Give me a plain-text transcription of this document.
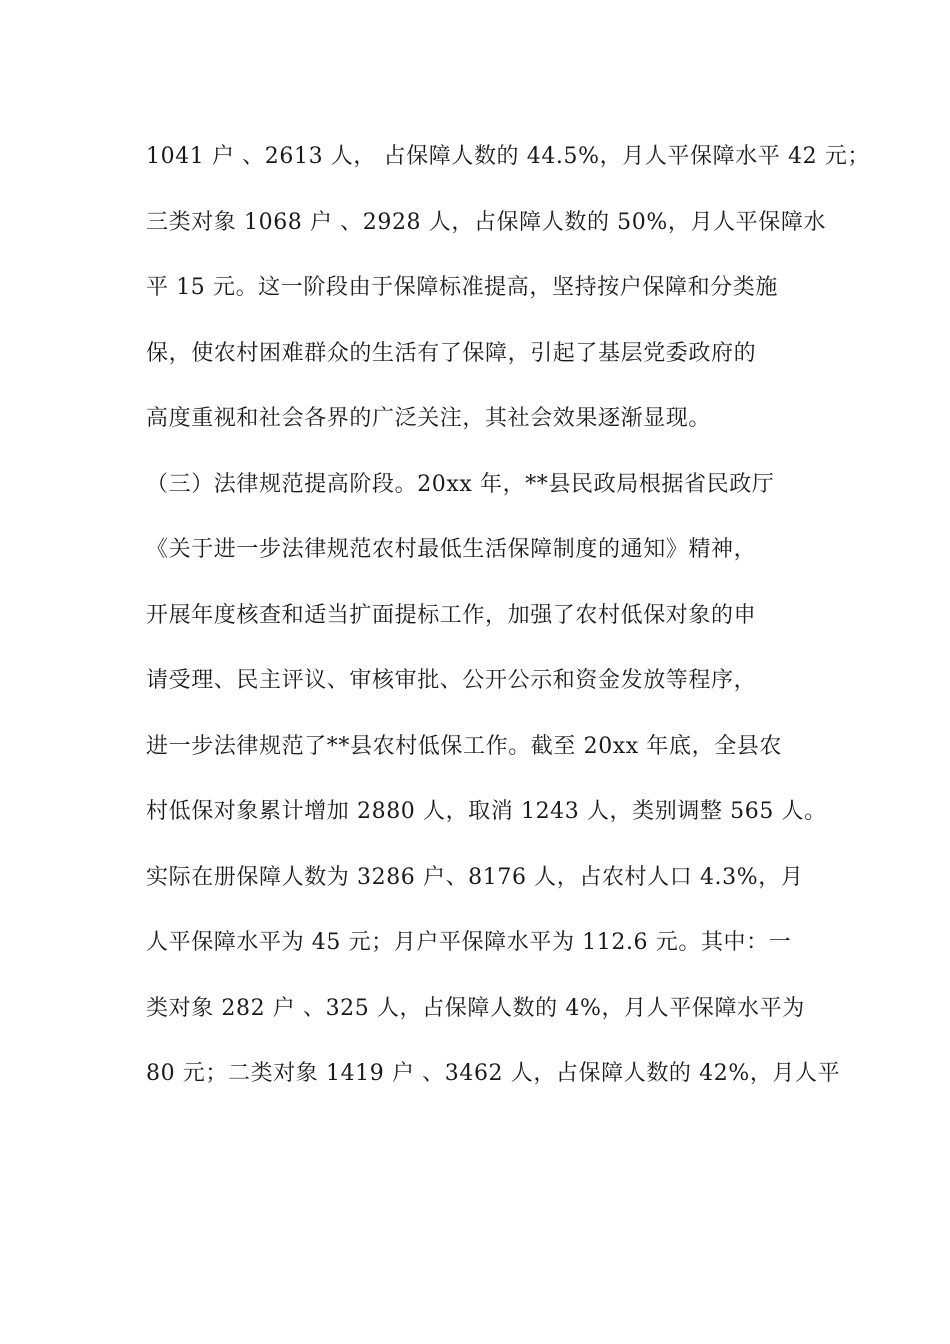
1041 户 、2613 人， 占保障人数的 44.5%，月人平保障水平 42 元；
三类对象 1068 户 、2928 人，占保障人数的 50%，月人平保障水
平 15 元。这一阶段由于保障标准提高，坚持按户保障和分类施
保，使农村困难群众的生活有了保障，引起了基层党委政府的
高度重视和社会各界的广泛关注，其社会效果逐渐显现。
（三）法律规范提高阶段。20xx 年，**县民政局根据省民政厅
《关于进一步法律规范农村最低生活保障制度的通知》精神，
开展年度核查和适当扩面提标工作，加强了农村低保对象的申
请受理、民主评议、审核审批、公开公示和资金发放等程序，
进一步法律规范了**县农村低保工作。截至 20xx 年底，全县农
村低保对象累计增加 2880 人，取消 1243 人，类别调整 565 人。
实际在册保障人数为 3286 户、8176 人，占农村人口 4.3%，月
人平保障水平为 45 元；月户平保障水平为 112.6 元。其中：一
类对象 282 户 、325 人，占保障人数的 4%，月人平保障水平为
80 元；二类对象 1419 户 、3462 人，占保障人数的 42%，月人平
